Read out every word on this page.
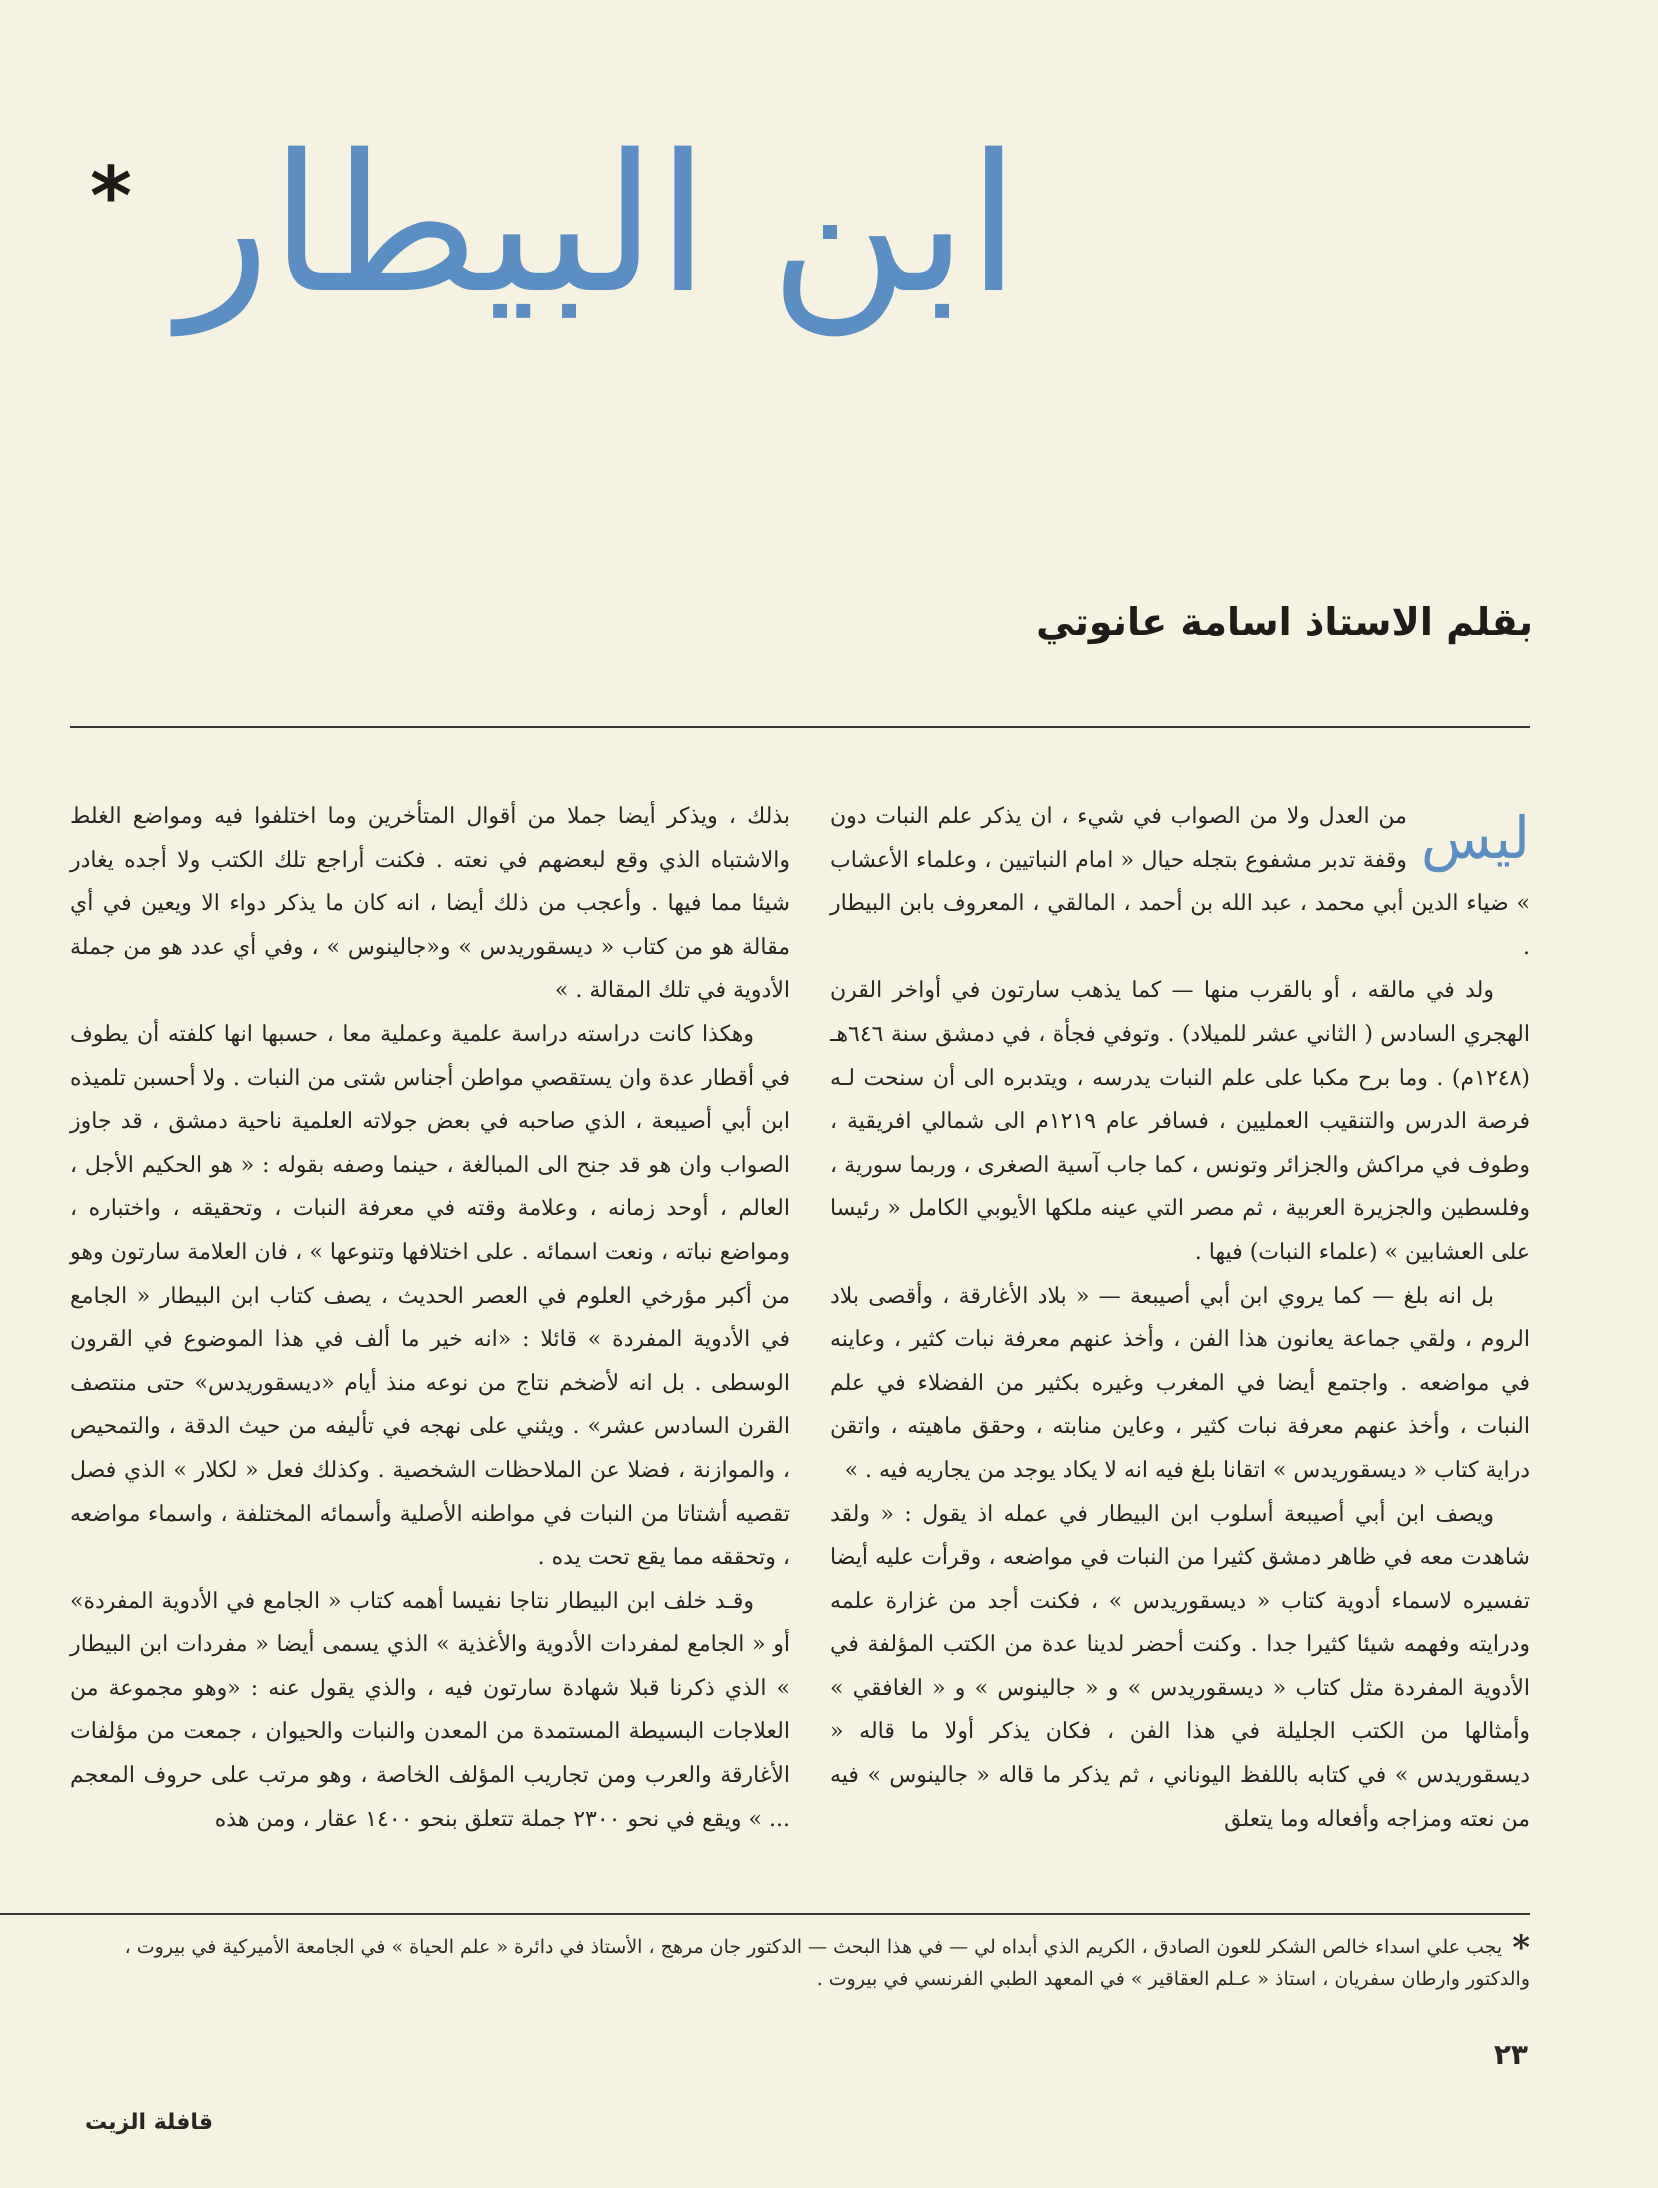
* ابن البيطار
بقلم الاستاذ اسامة عانوتي

ليس
من العدل ولا من الصواب في شيء ، ان يذكر علم النبات دون وقفة تدبر مشفوع بتجله حيال « امام النباتيين ، وعلماء الأعشاب » ضياء الدين أبي محمد ، عبد الله بن أحمد ، المالقي ، المعروف بابن البيطار .

ولد في مالقه ، أو بالقرب منها — كما يذهب سارتون في أواخر القرن الهجري السادس ( الثاني عشر للميلاد) . وتوفي فجأة ، في دمشق سنة ٦٤٦هـ (١٢٤٨م) . وما برح مكبا على علم النبات يدرسه ، ويتدبره الى أن سنحت لـه فرصة الدرس والتنقيب العمليين ، فسافر عام ١٢١٩م الى شمالي افريقية ، وطوف في مراكش والجزائر وتونس ، كما جاب آسية الصغرى ، وربما سورية ، وفلسطين والجزيرة العربية ، ثم مصر التي عينه ملكها الأيوبي الكامل « رئيسا على العشابين » (علماء النبات) فيها .

بل انه بلغ — كما يروي ابن أبي أصيبعة — « بلاد الأغارقة ، وأقصى بلاد الروم ، ولقي جماعة يعانون هذا الفن ، وأخذ عنهم معرفة نبات كثير ، وعاينه في مواضعه . واجتمع أيضا في المغرب وغيره بكثير من الفضلاء في علم النبات ، وأخذ عنهم معرفة نبات كثير ، وعاين منابته ، وحقق ماهيته ، واتقن دراية كتاب « ديسقوريدس » اتقانا بلغ فيه انه لا يكاد يوجد من يجاريه فيه . »

ويصف ابن أبي أصيبعة أسلوب ابن البيطار في عمله اذ يقول : « ولقد شاهدت معه في ظاهر دمشق كثيرا من النبات في مواضعه ، وقرأت عليه أيضا تفسيره لاسماء أدوية كتاب « ديسقوريدس » ، فكنت أجد من غزارة علمه ودرايته وفهمه شيئا كثيرا جدا . وكنت أحضر لدينا عدة من الكتب المؤلفة في الأدوية المفردة مثل كتاب « ديسقوريدس » و « جالينوس » و « الغافقي » وأمثالها من الكتب الجليلة في هذا الفن ، فكان يذكر أولا ما قاله « ديسقوريدس » في كتابه باللفظ اليوناني ، ثم يذكر ما قاله « جالينوس » فيه من نعته ومزاجه وأفعاله وما يتعلق

بذلك ، ويذكر أيضا جملا من أقوال المتأخرين وما اختلفوا فيه ومواضع الغلط والاشتباه الذي وقع لبعضهم في نعته . فكنت أراجع تلك الكتب ولا أجده يغادر شيئا مما فيها . وأعجب من ذلك أيضا ، انه كان ما يذكر دواء الا ويعين في أي مقالة هو من كتاب « ديسقوريدس » و«جالينوس » ، وفي أي عدد هو من جملة الأدوية في تلك المقالة . »

وهكذا كانت دراسته دراسة علمية وعملية معا ، حسبها انها كلفته أن يطوف في أقطار عدة وان يستقصي مواطن أجناس شتى من النبات . ولا أحسبن تلميذه ابن أبي أصيبعة ، الذي صاحبه في بعض جولاته العلمية ناحية دمشق ، قد جاوز الصواب وان هو قد جنح الى المبالغة ، حينما وصفه بقوله : « هو الحكيم الأجل ، العالم ، أوحد زمانه ، وعلامة وقته في معرفة النبات ، وتحقيقه ، واختباره ، ومواضع نباته ، ونعت اسمائه . على اختلافها وتنوعها » ، فان العلامة سارتون وهو من أكبر مؤرخي العلوم في العصر الحديث ، يصف كتاب ابن البيطار « الجامع في الأدوية المفردة » قائلا : «انه خير ما ألف في هذا الموضوع في القرون الوسطى . بل انه لأضخم نتاج من نوعه منذ أيام «ديسقوريدس» حتى منتصف القرن السادس عشر» . ويثني على نهجه في تأليفه من حيث الدقة ، والتمحيص ، والموازنة ، فضلا عن الملاحظات الشخصية . وكذلك فعل « لكلار » الذي فصل تقصيه أشتاتا من النبات في مواطنه الأصلية وأسمائه المختلفة ، واسماء مواضعه ، وتحققه مما يقع تحت يده .

وقـد خلف ابن البيطار نتاجا نفيسا أهمه كتاب « الجامع في الأدوية المفردة» أو « الجامع لمفردات الأدوية والأغذية » الذي يسمى أيضا « مفردات ابن البيطار » الذي ذكرنا قبلا شهادة سارتون فيه ، والذي يقول عنه : «وهو مجموعة من العلاجات البسيطة المستمدة من المعدن والنبات والحيوان ، جمعت من مؤلفات الأغارقة والعرب ومن تجاريب المؤلف الخاصة ، وهو مرتب على حروف المعجم ... » ويقع في نحو ٢٣٠٠ جملة تتعلق بنحو ١٤٠٠ عقار ، ومن هذه

*يجب علي اسداء خالص الشكر للعون الصادق ، الكريم الذي أبداه لي — في هذا البحث — الدكتور جان مرهج ، الأستاذ في دائرة « علم الحياة » في الجامعة الأميركية في بيروت ، والدكتور وارطان سفريان ، استاذ « عـلم العقاقير » في المعهد الطبي الفرنسي في بيروت .
٢٣
قافلة الزيت
